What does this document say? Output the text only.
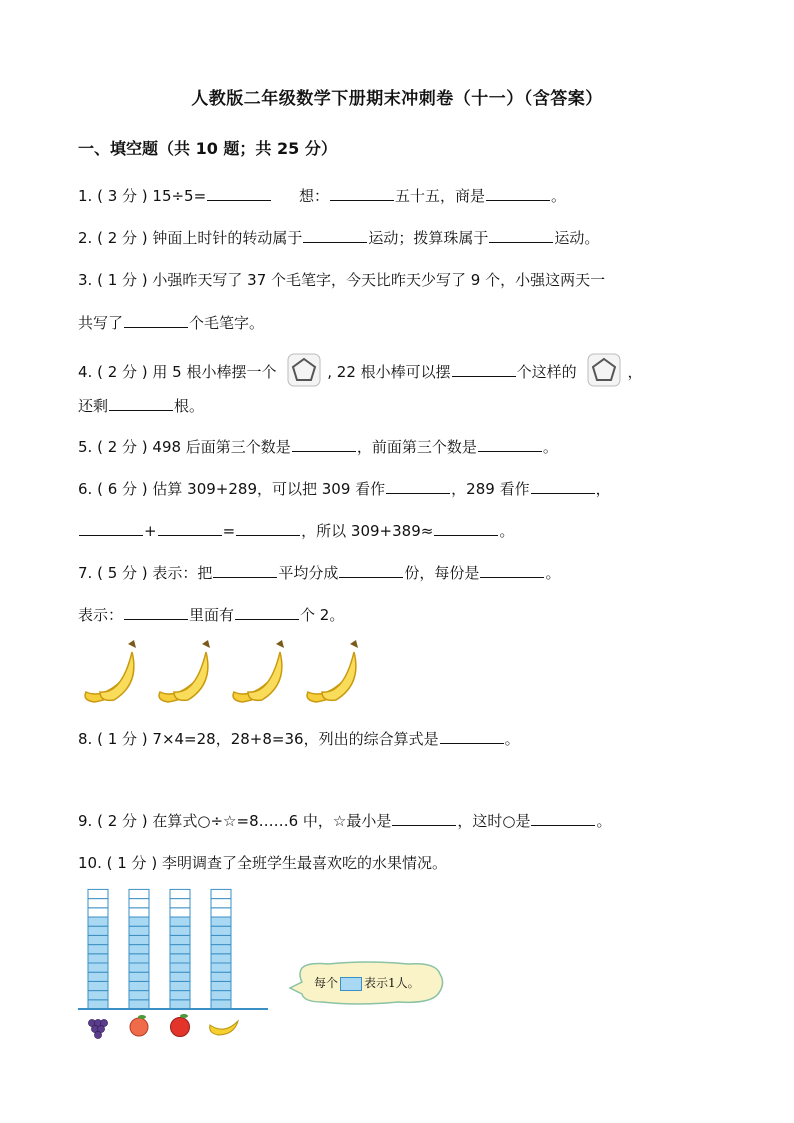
人教版二年级数学下册期末冲刺卷（十一）（含答案）
一、填空题（共 10 题；共 25 分）
1. ( 3 分 ) 15÷5=	想：	五十五，商是	。
2. ( 2 分 ) 钟面上时针的转动属于	运动；拨算珠属于	运动。
3. ( 1 分 ) 小强昨天写了 37 个毛笔字，今天比昨天少写了 9 个，小强这两天一
共写了	个毛笔字。
4. ( 2 分 ) 用 5 根小棒摆一个	, 22 根小棒可以摆	个这样的	，
还剩	根。
5. ( 2 分 ) 498 后面第三个数是	，前面第三个数是	。
6. ( 6 分 ) 估算 309+289，可以把 309 看作	，289 看作	，
+	=	，所以 309+389≈	。
7. ( 5 分 ) 表示：把	平均分成	份，每份是	。
表示：	里面有	个 2。
8. ( 1 分 ) 7×4=28，28+8=36，列出的综合算式是	。
9. ( 2 分 ) 在算式○÷☆=8……6 中，☆最小是	，这时○是	。
10. ( 1 分 ) 李明调查了全班学生最喜欢吃的水果情况。
每个 表示1人。
